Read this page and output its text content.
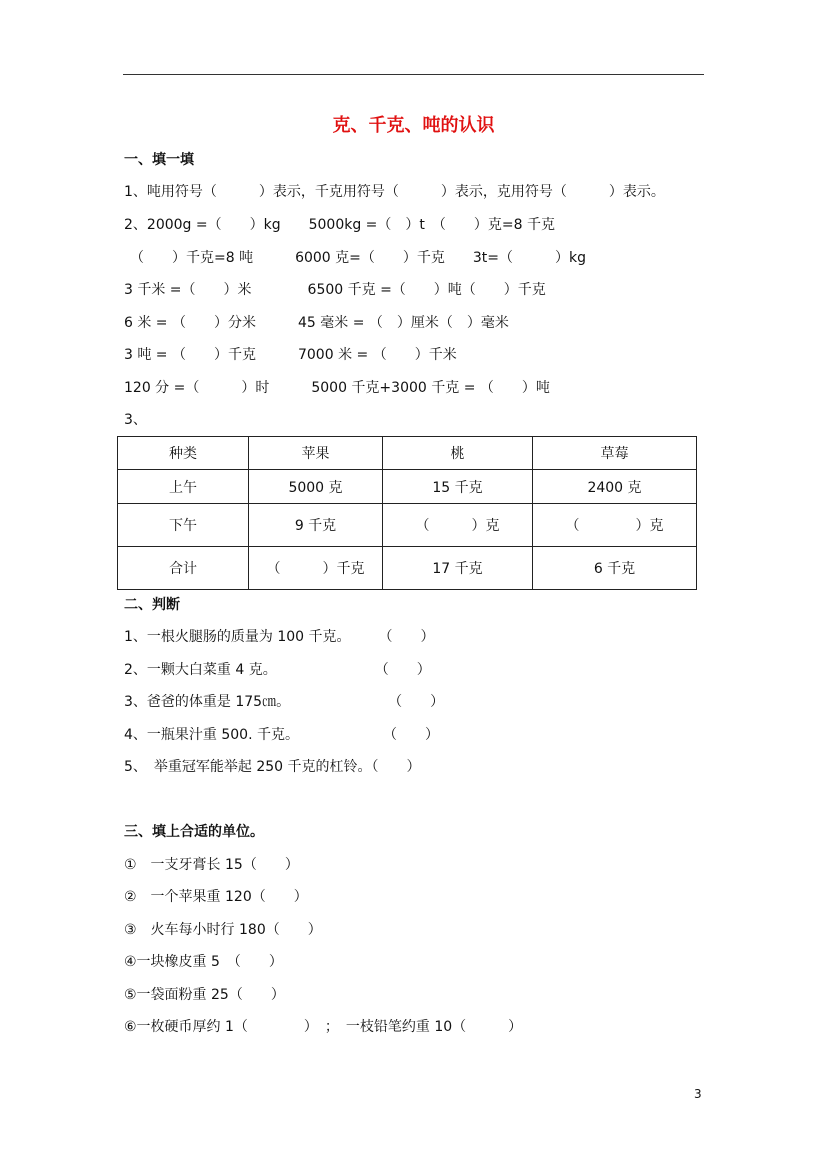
克、千克、吨的认识
一、填一填
1、吨用符号（　　　）表示，千克用符号（　　　）表示，克用符号（　　　）表示。
2、2000g =（　　）kg　　5000kg =（　）t　（　　）克=8 千克
（　　）千克=8 吨　　　6000 克=（　　）千克　　3t=（　　　）kg
3 千米 =（　　）米　　　　6500 千克 =（　　）吨（　　）千克
6 米 = （　　）分米　　　45 毫米 = （　）厘米（　）毫米
3 吨 = （　　）千克　　　7000 米 = （　　）千米
120 分 =（　　　）时　　　5000 千克+3000 千克 = （　　）吨
3、
种类	苹果	桃	草莓
上午	5000 克	15 千克	2400 克
下午	9 千克	（　　　）克	（　　　　）克
合计	（　　　）千克	17 千克	6 千克
二、判断
1、一根火腿肠的质量为 100 千克。　　　（　　）
2、一颗大白菜重 4 克。　　　　　　　　（　　）
3、爸爸的体重是 175㎝。　　　　　　　　（　　）
4、一瓶果汁重 500. 千克。　　　　　　　（　　）
5、　举重冠军能举起 250 千克的杠铃。（　　）
三、填上合适的单位。
①　一支牙膏长 15（　　）
②　一个苹果重 120（　　）
③　火车每小时行 180（　　）
④一块橡皮重 5　（　　）
⑤一袋面粉重 25（　　）
⑥一枚硬币厚约 1（　　　　）　；　一枝铅笔约重 10（　　　）
3
